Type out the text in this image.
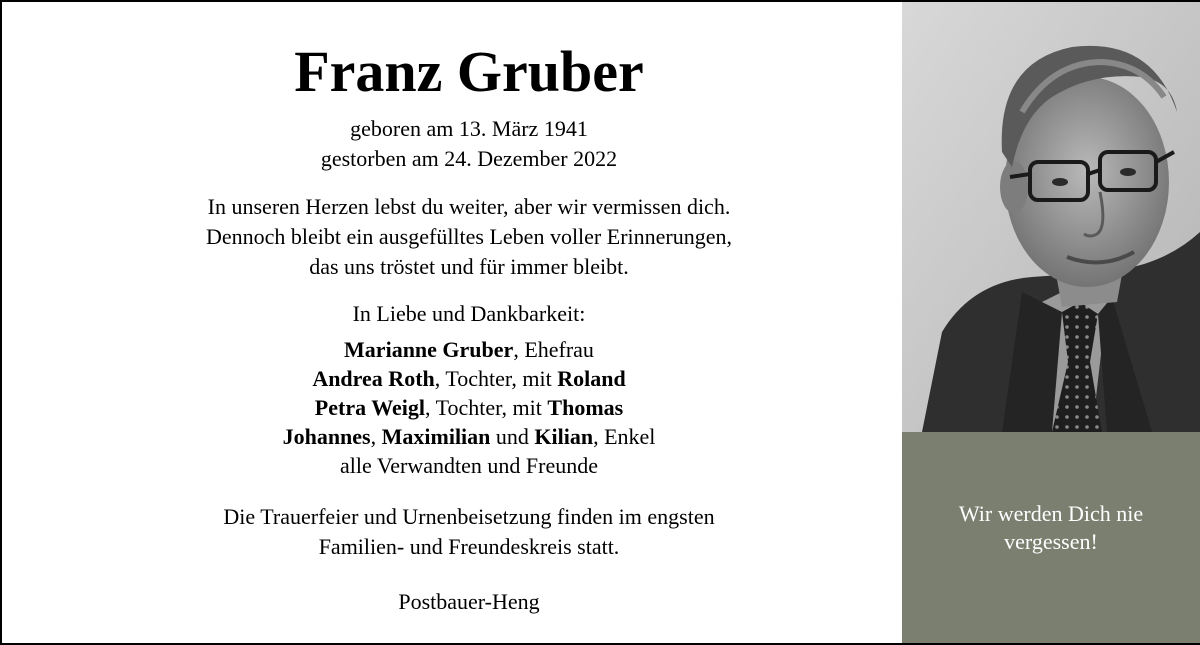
Franz Gruber
geboren am 13. März 1941
gestorben am 24. Dezember 2022
In unseren Herzen lebst du weiter, aber wir vermissen dich.
Dennoch bleibt ein ausgefülltes Leben voller Erinnerungen,
das uns tröstet und für immer bleibt.
In Liebe und Dankbarkeit:
Marianne Gruber, Ehefrau
Andrea Roth, Tochter, mit Roland
Petra Weigl, Tochter, mit Thomas
Johannes, Maximilian und Kilian, Enkel
alle Verwandten und Freunde
Die Trauerfeier und Urnenbeisetzung finden im engsten
Familien- und Freundeskreis statt.
Postbauer-Heng
Wir werden Dich nie
vergessen!
